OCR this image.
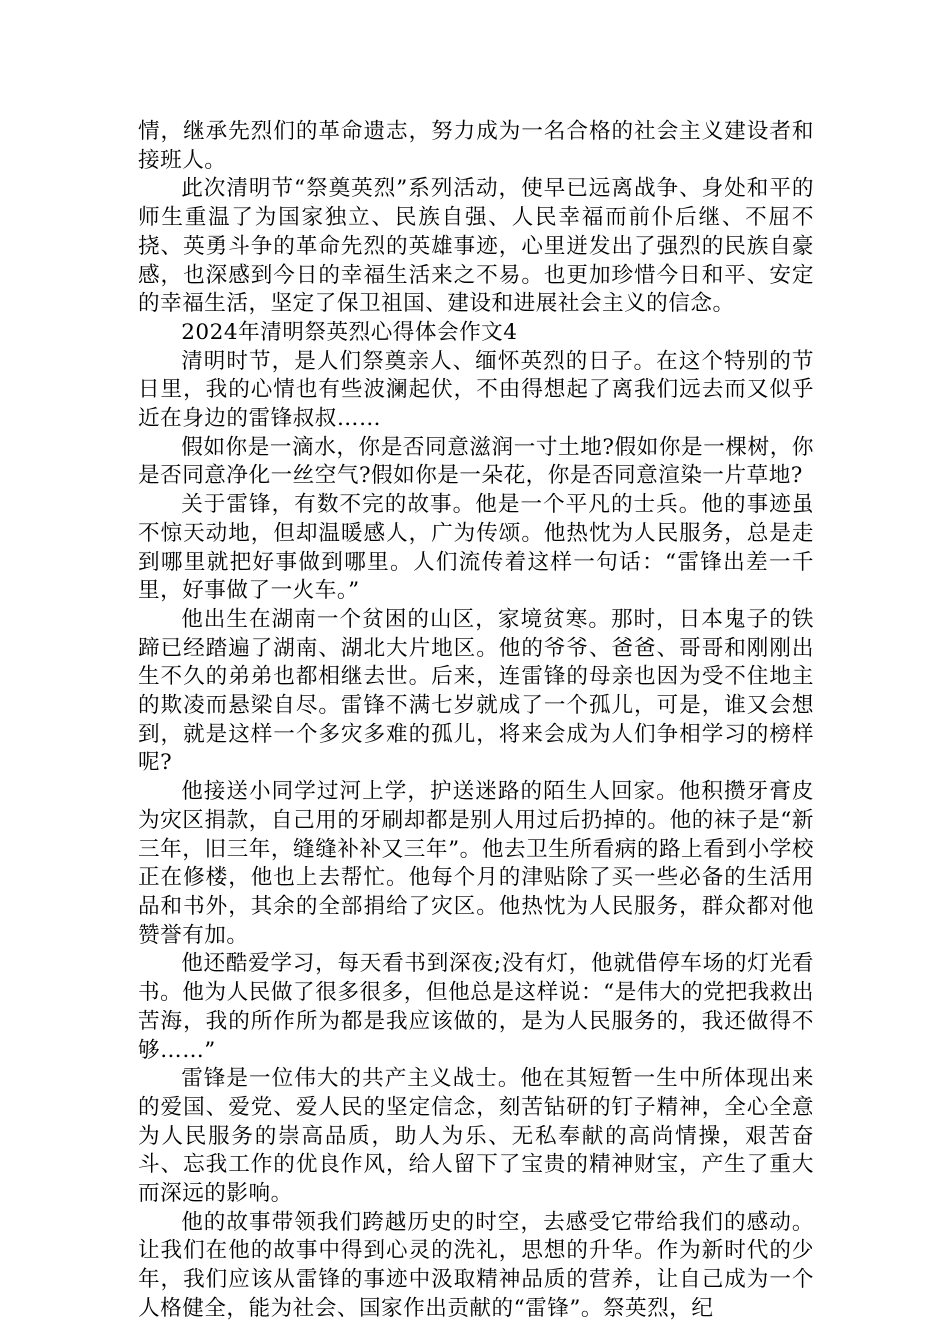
情，继承先烈们的革命遗志，努力成为一名合格的社会主义建设者和接班人。

此次清明节“祭奠英烈”系列活动，使早已远离战争、身处和平的师生重温了为国家独立、民族自强、人民幸福而前仆后继、不屈不挠、英勇斗争的革命先烈的英雄事迹，心里迸发出了强烈的民族自豪感，也深感到今日的幸福生活来之不易。也更加珍惜今日和平、安定的幸福生活，坚定了保卫祖国、建设和进展社会主义的信念。

2024年清明祭英烈心得体会作文4

清明时节，是人们祭奠亲人、缅怀英烈的日子。在这个特别的节日里，我的心情也有些波澜起伏，不由得想起了离我们远去而又似乎近在身边的雷锋叔叔……

假如你是一滴水，你是否同意滋润一寸土地?假如你是一棵树，你是否同意净化一丝空气?假如你是一朵花，你是否同意渲染一片草地?

关于雷锋，有数不完的故事。他是一个平凡的士兵。他的事迹虽不惊天动地，但却温暖感人，广为传颂。他热忱为人民服务，总是走到哪里就把好事做到哪里。人们流传着这样一句话：“雷锋出差一千里，好事做了一火车。”

他出生在湖南一个贫困的山区，家境贫寒。那时，日本鬼子的铁蹄已经踏遍了湖南、湖北大片地区。他的爷爷、爸爸、哥哥和刚刚出生不久的弟弟也都相继去世。后来，连雷锋的母亲也因为受不住地主的欺凌而悬梁自尽。雷锋不满七岁就成了一个孤儿，可是，谁又会想到，就是这样一个多灾多难的孤儿，将来会成为人们争相学习的榜样呢?

他接送小同学过河上学，护送迷路的陌生人回家。他积攒牙膏皮为灾区捐款，自己用的牙刷却都是别人用过后扔掉的。他的袜子是“新三年，旧三年，缝缝补补又三年”。他去卫生所看病的路上看到小学校正在修楼，他也上去帮忙。他每个月的津贴除了买一些必备的生活用品和书外，其余的全部捐给了灾区。他热忱为人民服务，群众都对他赞誉有加。

他还酷爱学习，每天看书到深夜;没有灯，他就借停车场的灯光看书。他为人民做了很多很多，但他总是这样说：“是伟大的党把我救出苦海，我的所作所为都是我应该做的，是为人民服务的，我还做得不够……”

雷锋是一位伟大的共产主义战士。他在其短暂一生中所体现出来的爱国、爱党、爱人民的坚定信念，刻苦钻研的钉子精神，全心全意为人民服务的崇高品质，助人为乐、无私奉献的高尚情操，艰苦奋斗、忘我工作的优良作风，给人留下了宝贵的精神财宝，产生了重大而深远的影响。

他的故事带领我们跨越历史的时空，去感受它带给我们的感动。让我们在他的故事中得到心灵的洗礼，思想的升华。作为新时代的少年，我们应该从雷锋的事迹中汲取精神品质的营养，让自己成为一个人格健全，能为社会、国家作出贡献的“雷锋”。祭英烈，纪
